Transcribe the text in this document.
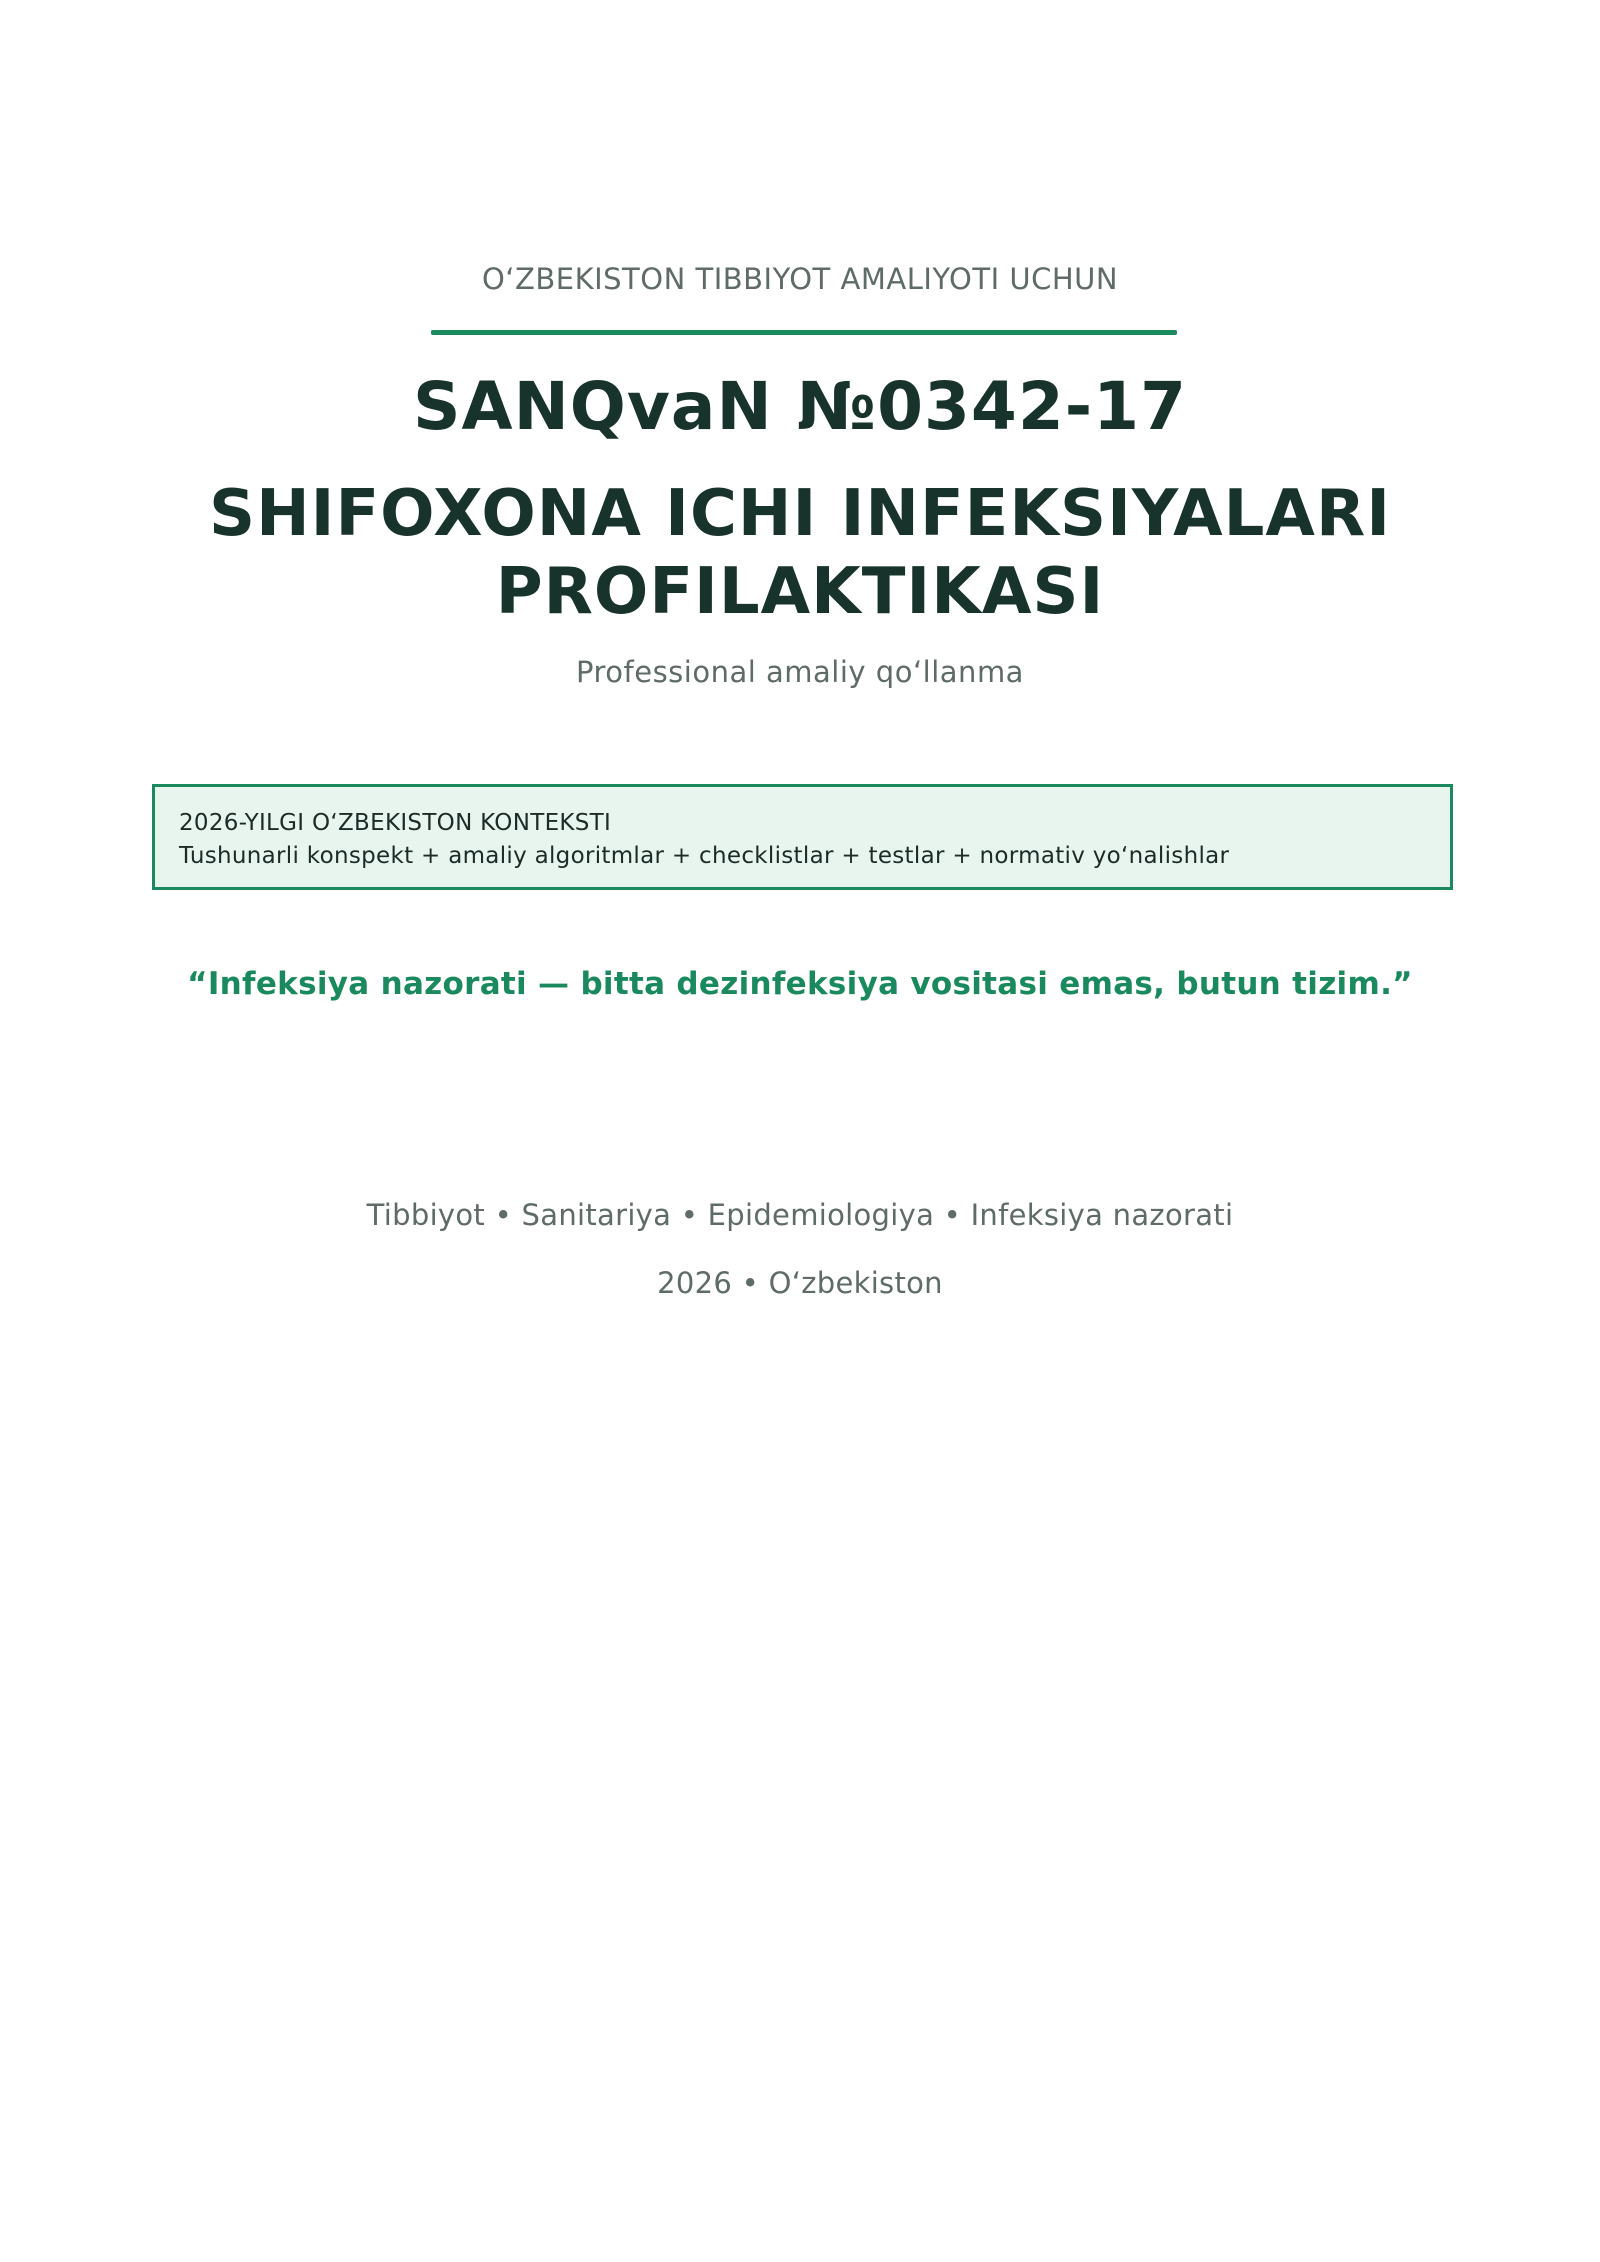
O‘ZBEKISTON TIBBIYOT AMALIYOTI UCHUN
SANQvaN №0342-17
SHIFOXONA ICHI INFEKSIYALARI
PROFILAKTIKASI
Professional amaliy qo‘llanma
2026-YILGI O‘ZBEKISTON KONTEKSTI
Tushunarli konspekt + amaliy algoritmlar + checklistlar + testlar + normativ yo‘nalishlar
“Infeksiya nazorati — bitta dezinfeksiya vositasi emas, butun tizim.”
Tibbiyot • Sanitariya • Epidemiologiya • Infeksiya nazorati
2026 • O‘zbekiston
